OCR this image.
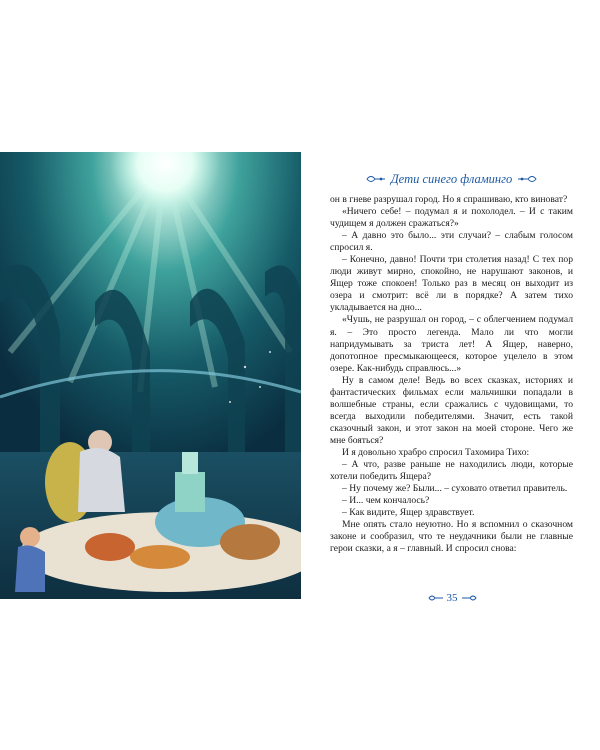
Дети синего фламинго

он в гневе разрушал город. Но я спрашиваю, кто виноват?

«Ничего себе! – подумал я и похолодел. – И с таким чудищем я должен сражаться?»

– А давно это было... эти случаи? – слабым голосом спросил я.

– Конечно, давно! Почти три столетия назад! С тех пор люди живут мирно, спокойно, не нарушают законов, и Ящер тоже спокоен! Только раз в месяц он выходит из озера и смотрит: всё ли в порядке? А затем тихо укладывается на дно...

«Чушь, не разрушал он город, – с облегчением подумал я. – Это просто легенда. Мало ли что могли напридумывать за триста лет! А Ящер, наверно, допотопное пресмыкающееся, которое уцелело в этом озере. Как-нибудь справлюсь...»

Ну в самом деле! Ведь во всех сказках, историях и фантастических фильмах если мальчишки попадали в волшебные страны, если сражались с чудовищами, то всегда выходили победителями. Значит, есть такой сказочный закон, и этот закон на моей стороне. Чего же мне бояться?

И я довольно храбро спросил Тахомира Тихо:

– А что, разве раньше не находились люди, которые хотели победить Ящера?

– Ну почему же? Были... – суховато ответил правитель.

– И... чем кончалось?

– Как видите, Ящер здравствует.

Мне опять стало неуютно. Но я вспомнил о сказочном законе и сообразил, что те неудачники были не главные герои сказки, а я – главный. И спросил снова:

35
